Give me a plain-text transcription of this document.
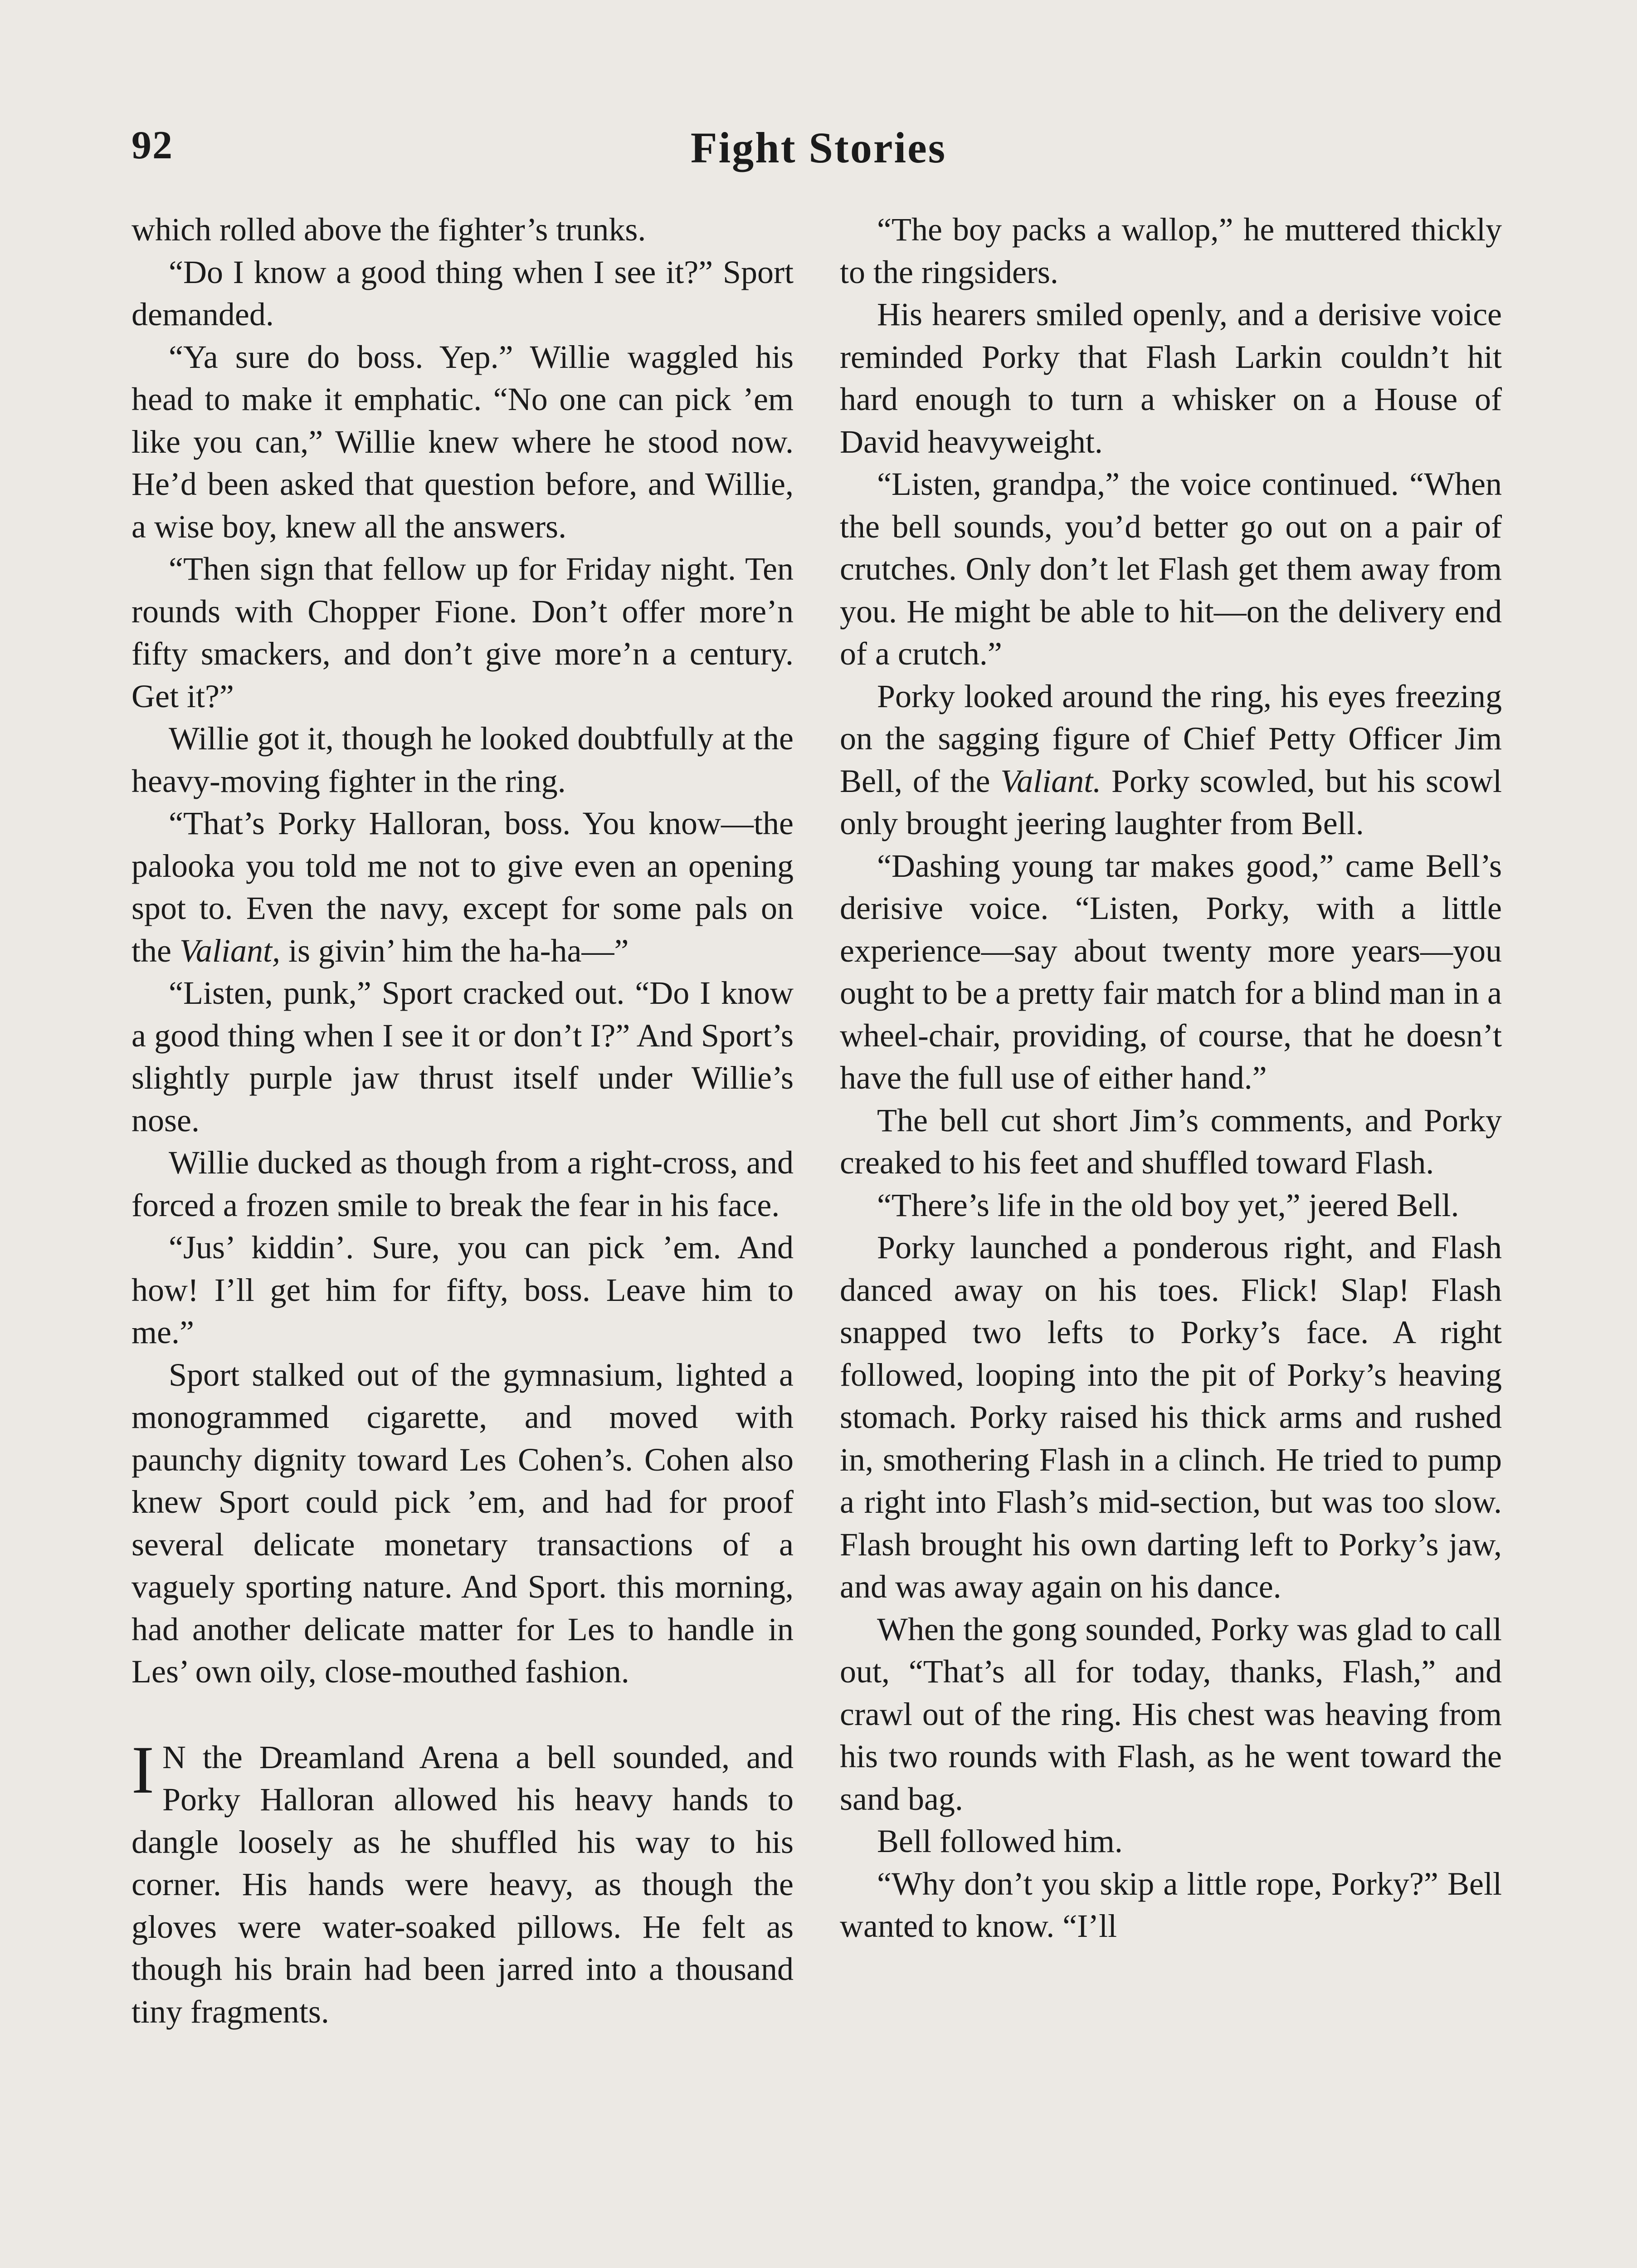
92	Fight Stories

which rolled above the fighter’s trunks.

“Do I know a good thing when I see it?” Sport demanded.

“Ya sure do boss. Yep.” Willie waggled his head to make it emphatic. “No one can pick ’em like you can,” Willie knew where he stood now. He’d been asked that question before, and Willie, a wise boy, knew all the answers.

“Then sign that fellow up for Friday night. Ten rounds with Chopper Fione. Don’t offer more’n fifty smackers, and don’t give more’n a century. Get it?”

Willie got it, though he looked doubtfully at the heavy-moving fighter in the ring.

“That’s Porky Halloran, boss. You know—the palooka you told me not to give even an opening spot to. Even the navy, except for some pals on the Valiant, is givin’ him the ha-ha—”

“Listen, punk,” Sport cracked out. “Do I know a good thing when I see it or don’t I?” And Sport’s slightly purple jaw thrust itself under Willie’s nose.

Willie ducked as though from a right-cross, and forced a frozen smile to break the fear in his face.

“Jus’ kiddin’. Sure, you can pick ’em. And how! I’ll get him for fifty, boss. Leave him to me.”

Sport stalked out of the gymnasium, lighted a monogrammed cigarette, and moved with paunchy dignity toward Les Cohen’s. Cohen also knew Sport could pick ’em, and had for proof several delicate monetary transactions of a vaguely sporting nature. And Sport. this morning, had another delicate matter for Les to handle in Les’ own oily, close-mouthed fashion.

I N the Dreamland Arena a bell sounded, and Porky Halloran allowed his heavy hands to dangle loosely as he shuffled his way to his corner. His hands were heavy, as though the gloves were water-soaked pillows. He felt as though his brain had been jarred into a thousand tiny fragments.

“The boy packs a wallop,” he muttered thickly to the ringsiders.

His hearers smiled openly, and a derisive voice reminded Porky that Flash Larkin couldn’t hit hard enough to turn a whisker on a House of David heavyweight.

“Listen, grandpa,” the voice continued. “When the bell sounds, you’d better go out on a pair of crutches. Only don’t let Flash get them away from you. He might be able to hit—on the delivery end of a crutch.”

Porky looked around the ring, his eyes freezing on the sagging figure of Chief Petty Officer Jim Bell, of the Valiant. Porky scowled, but his scowl only brought jeering laughter from Bell.

“Dashing young tar makes good,” came Bell’s derisive voice. “Listen, Porky, with a little experience—say about twenty more years—you ought to be a pretty fair match for a blind man in a wheel-chair, providing, of course, that he doesn’t have the full use of either hand.”

The bell cut short Jim’s comments, and Porky creaked to his feet and shuffled toward Flash.

“There’s life in the old boy yet,” jeered Bell.

Porky launched a ponderous right, and Flash danced away on his toes. Flick! Slap! Flash snapped two lefts to Porky’s face. A right followed, looping into the pit of Porky’s heaving stomach. Porky raised his thick arms and rushed in, smothering Flash in a clinch. He tried to pump a right into Flash’s mid-section, but was too slow. Flash brought his own darting left to Porky’s jaw, and was away again on his dance.

When the gong sounded, Porky was glad to call out, “That’s all for today, thanks, Flash,” and crawl out of the ring. His chest was heaving from his two rounds with Flash, as he went toward the sand bag.

Bell followed him.

“Why don’t you skip a little rope, Porky?” Bell wanted to know. “I’ll
